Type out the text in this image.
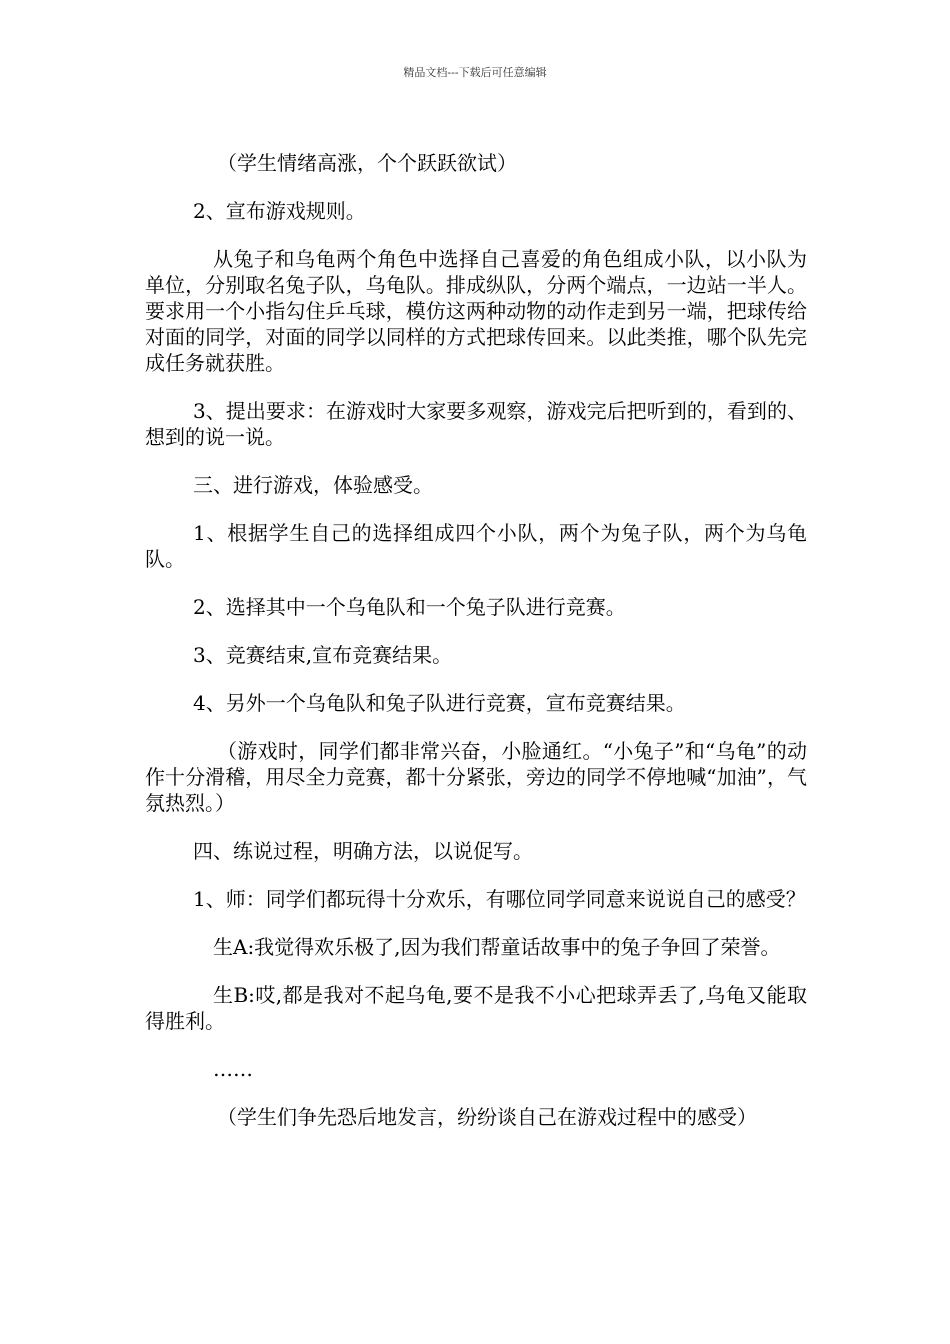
精品文档---下载后可任意编辑

（学生情绪高涨，个个跃跃欲试）

2、宣布游戏规则。

从兔子和乌龟两个角色中选择自己喜爱的角色组成小队，以小队为单位，分别取名兔子队，乌龟队。排成纵队，分两个端点，一边站一半人。要求用一个小指勾住乒乓球，模仿这两种动物的动作走到另一端，把球传给对面的同学，对面的同学以同样的方式把球传回来。以此类推，哪个队先完成任务就获胜。

3、提出要求：在游戏时大家要多观察，游戏完后把听到的，看到的、想到的说一说。

三、进行游戏，体验感受。

1、根据学生自己的选择组成四个小队，两个为兔子队，两个为乌龟队。

2、选择其中一个乌龟队和一个兔子队进行竞赛。

3、竞赛结束,宣布竞赛结果。

4、另外一个乌龟队和兔子队进行竞赛，宣布竞赛结果。

（游戏时，同学们都非常兴奋，小脸通红。“小兔子”和“乌龟”的动作十分滑稽，用尽全力竞赛，都十分紧张，旁边的同学不停地喊“加油”，气氛热烈。）

四、练说过程，明确方法，以说促写。

1、师：同学们都玩得十分欢乐，有哪位同学同意来说说自己的感受？

生A:我觉得欢乐极了,因为我们帮童话故事中的兔子争回了荣誉。

生B:哎,都是我对不起乌龟,要不是我不小心把球弄丢了,乌龟又能取得胜利。

……

（学生们争先恐后地发言，纷纷谈自己在游戏过程中的感受）
